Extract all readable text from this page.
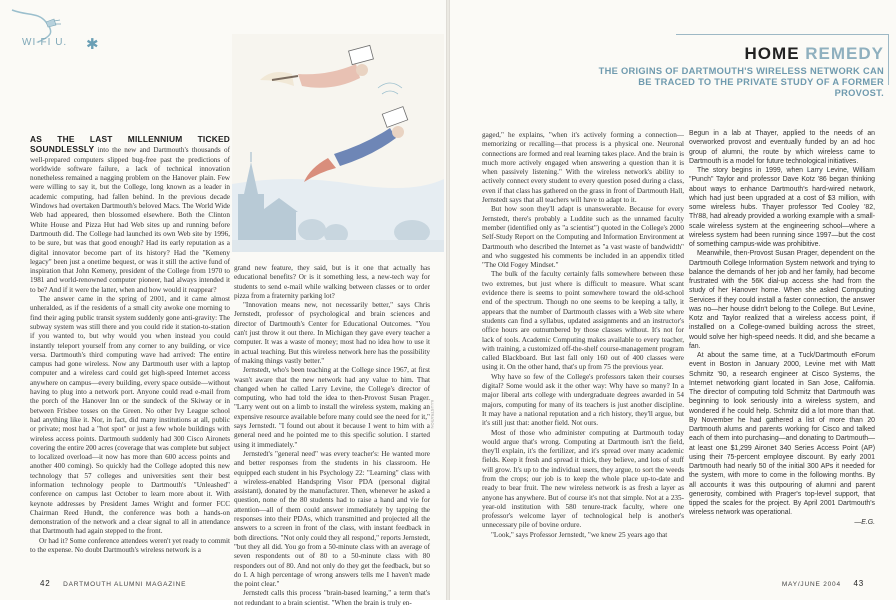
WI-FI U. ✱

AS THE LAST MILLENNIUM TICKED SOUNDLESSLY into the new and Dartmouth's thousands of well-prepared computers slipped bug-free past the predictions of worldwide software failure, a lack of technical innovation nonetheless remained a nagging problem on the Hanover plain. Few were willing to say it, but the College, long known as a leader in academic computing, had fallen behind. In the previous decade Windows had overtaken Dartmouth's beloved Macs. The World Wide Web had appeared, then blossomed elsewhere. Both the Clinton White House and Pizza Hut had Web sites up and running before Dartmouth did. The College had launched its own Web site by 1996, to be sure, but was that good enough? Had its early reputation as a digital innovator become part of its history? Had the "Kemeny legacy" been just a onetime bequest, or was it still the active fund of inspiration that John Kemeny, president of the College from 1970 to 1981 and world-renowned computer pioneer, had always intended it to be? And if it were the latter, when and how would it reappear?

The answer came in the spring of 2001, and it came almost unheralded, as if the residents of a small city awoke one morning to find their aging public transit system suddenly gone anti-gravity: The subway system was still there and you could ride it station-to-station if you wanted to, but why would you when instead you could instantly teleport yourself from any corner to any building, or vice versa. Dartmouth's third computing wave had arrived: The entire campus had gone wireless. Now any Dartmouth user with a laptop computer and a wireless card could get high-speed Internet access anywhere on campus—every building, every space outside—without having to plug into a network port. Anyone could read e-mail from the porch of the Hanover Inn or the sundeck of the Skiway or in between Frisbee tosses on the Green. No other Ivy League school had anything like it. Nor, in fact, did many institutions at all, public or private; most had a "hot spot" or just a few whole buildings with wireless access points. Dartmouth suddenly had 300 Cisco Aironets covering the entire 200 acres (coverage that was complete but subject to localized overload—it now has more than 600 access points and another 400 coming). So quickly had the College adopted this new technology that 57 colleges and universities sent their best information technology people to Dartmouth's "Unleashed" conference on campus last October to learn more about it. With keynote addresses by President James Wright and former FCC Chairman Reed Hundt, the conference was both a hands-on demonstration of the network and a clear signal to all in attendance that Dartmouth had again stepped to the front.

Or had it? Some conference attendees weren't yet ready to commit to the expense. No doubt Dartmouth's wireless network is a

grand new feature, they said, but is it one that actually has educational benefits? Or is it something less, a new-tech way for students to send e-mail while walking between classes or to order pizza from a fraternity parking lot?

"Innovation means new, not necessarily better," says Chris Jernstedt, professor of psychological and brain sciences and director of Dartmouth's Center for Educational Outcomes. "You can't just throw it out there. In Michigan they gave every teacher a computer. It was a waste of money; most had no idea how to use it in actual teaching. But this wireless network here has the possibility of making things vastly better."

Jernstedt, who's been teaching at the College since 1967, at first wasn't aware that the new network had any value to him. That changed when he called Larry Levine, the College's director of computing, who had told the idea to then-Provost Susan Prager. "Larry went out on a limb to install the wireless system, making an expensive resource available before many could see the need for it," says Jernstedt. "I found out about it because I went to him with a general need and he pointed me to this specific solution. I started using it immediately."

Jernstedt's "general need" was every teacher's: He wanted more and better responses from the students in his classroom. He equipped each student in his Psychology 22: "Learning" class with a wireless-enabled Handspring Visor PDA (personal digital assistant), donated by the manufacturer. Then, whenever he asked a question, none of the 80 students had to raise a hand and vie for attention—all of them could answer immediately by tapping the responses into their PDAs, which transmitted and projected all the answers to a screen in front of the class, with instant feedback in both directions. "Not only could they all respond," reports Jernstedt, "but they all did. You go from a 50-minute class with an average of seven respondents out of 80 to a 50-minute class with 80 responders out of 80. And not only do they get the feedback, but so do I. A high percentage of wrong answers tells me I haven't made the point clear."

Jernstedt calls this process "brain-based learning," a term that's not redundant to a brain scientist. "When the brain is truly en-

ILLUSTRATION
42 DARTMOUTH ALUMNI MAGAZINE

gaged," he explains, "when it's actively forming a connection—memorizing or recalling—that process is a physical one. Neuronal connections are formed and real learning takes place. And the brain is much more actively engaged when answering a question than it is when passively listening." With the wireless network's ability to actively connect every student to every question posed during a class, even if that class has gathered on the grass in front of Dartmouth Hall, Jernstedt says that all teachers will have to adapt to it.

But how soon they'll adapt is unanswerable. Because for every Jernstedt, there's probably a Luddite such as the unnamed faculty member (identified only as "a scientist") quoted in the College's 2000 Self-Study Report on the Computing and Information Environment at Dartmouth who described the Internet as "a vast waste of bandwidth" and who suggested his comments be included in an appendix titled "The Old Fogey Mindset."

The bulk of the faculty certainly falls somewhere between these two extremes, but just where is difficult to measure. What scant evidence there is seems to point somewhere toward the old-school end of the spectrum. Though no one seems to be keeping a tally, it appears that the number of Dartmouth classes with a Web site where students can find a syllabus, updated assignments and an instructor's office hours are outnumbered by those classes without. It's not for lack of tools. Academic Computing makes available to every teacher, with training, a customized off-the-shelf course-management program called Blackboard. But last fall only 160 out of 400 classes were using it. On the other hand, that's up from 75 the previous year.

Why have so few of the College's professors taken their courses digital? Some would ask it the other way: Why have so many? In a major liberal arts college with undergraduate degrees awarded in 54 majors, computing for many of its teachers is just another discipline. It may have a national reputation and a rich history, they'll argue, but it's still just that: another field. Not ours.

Most of those who administer computing at Dartmouth today would argue that's wrong. Computing at Dartmouth isn't the field, they'll explain, it's the fertilizer, and it's spread over many academic fields. Keep it fresh and spread it thick, they believe, and lots of stuff will grow. It's up to the individual users, they argue, to sort the weeds from the crops; our job is to keep the whole place up-to-date and ready to bear fruit. The new wireless network is as fresh a layer as anyone has anywhere. But of course it's not that simple. Not at a 235-year-old institution with 580 tenure-track faculty, where one professor's welcome layer of technological help is another's unnecessary pile of bovine ordure.

"Look," says Professor Jernstedt, "we knew 25 years ago that

HOME REMEDY
THE ORIGINS OF DARTMOUTH'S WIRELESS NETWORK CAN BE TRACED TO THE PRIVATE STUDY OF A FORMER PROVOST.

Begun in a lab at Thayer, applied to the needs of an overworked provost and eventually funded by an ad hoc group of alumni, the route by which wireless came to Dartmouth is a model for future technological initiatives.

The story begins in 1999, when Larry Levine, William "Punch" Taylor and professor Dave Kotz '86 began thinking about ways to enhance Dartmouth's hard-wired network, which had just been upgraded at a cost of $3 million, with some wireless hubs. Thayer professor Ted Cooley '82, Th'88, had already provided a working example with a small-scale wireless system at the engineering school—where a wireless system had been running since 1997—but the cost of something campus-wide was prohibitive.

Meanwhile, then-Provost Susan Prager, dependent on the Dartmouth College Information System network and trying to balance the demands of her job and her family, had become frustrated with the 56K dial-up access she had from the study of her Hanover home. When she asked Computing Services if they could install a faster connection, the answer was no—her house didn't belong to the College. But Levine, Kotz and Taylor realized that a wireless access point, if installed on a College-owned building across the street, would solve her high-speed needs. It did, and she became a fan.

At about the same time, at a Tuck/Dartmouth eForum event in Boston in January 2000, Levine met with Matt Schmitz '90, a research engineer at Cisco Systems, the Internet networking giant located in San Jose, California. The director of computing told Schmitz that Dartmouth was beginning to look seriously into a wireless system, and wondered if he could help. Schmitz did a lot more than that. By November he had gathered a list of more than 20 Dartmouth alums and parents working for Cisco and talked each of them into purchasing—and donating to Dartmouth—at least one $1,299 Aironet 340 Series Access Point (AP) using their 75-percent employee discount. By early 2001 Dartmouth had nearly 50 of the initial 300 APs it needed for the system, with more to come in the following months. By all accounts it was this outpouring of alumni and parent generosity, combined with Prager's top-level support, that tipped the scales for the project. By April 2001 Dartmouth's wireless network was operational.

—E.G.

MAY/JUNE 2004 43
